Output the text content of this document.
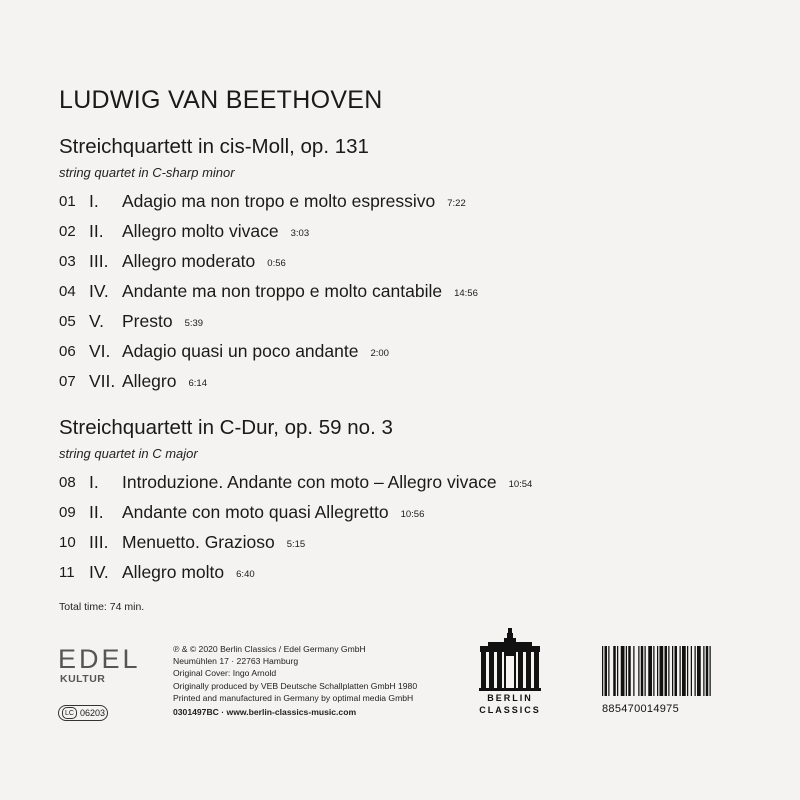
LUDWIG VAN BEETHOVEN
Streichquartett in cis-Moll, op. 131
string quartet in C-sharp minor
01 I. Adagio ma non tropo e molto espressivo 7:22
02 II. Allegro molto vivace 3:03
03 III. Allegro moderato 0:56
04 IV. Andante ma non troppo e molto cantabile 14:56
05 V. Presto 5:39
06 VI. Adagio quasi un poco andante 2:00
07 VII. Allegro 6:14
Streichquartett in C-Dur, op. 59 no. 3
string quartet in C major
08 I. Introduzione. Andante con moto – Allegro vivace 10:54
09 II. Andante con moto quasi Allegretto 10:56
10 III. Menuetto. Grazioso 5:15
11 IV. Allegro molto 6:40
Total time: 74 min.
EDEL
KULTUR
LC 06203
℗ & © 2020 Berlin Classics / Edel Germany GmbH
Neumühlen 17 · 22763 Hamburg
Original Cover: Ingo Arnold
Originally produced by VEB Deutsche Schallplatten GmbH 1980
Printed and manufactured in Germany by optimal media GmbH
0301497BC · www.berlin-classics-music.com
BERLIN
CLASSICS	885470014975
